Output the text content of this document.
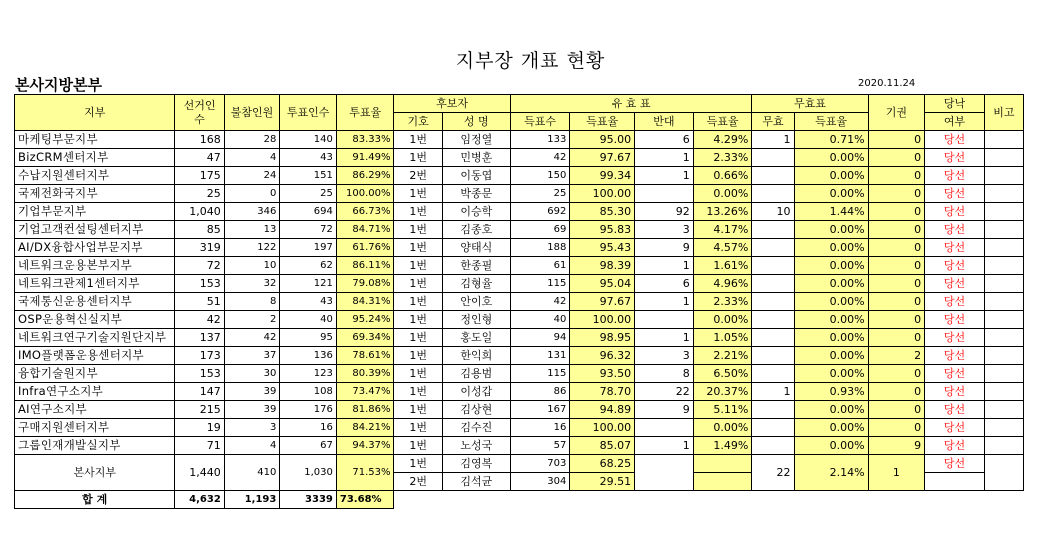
지부장 개표 현황
본사지방본부	2020.11.24
지부	선거인수	불참인원	투표인수	투표율	후보자		유 효 표				무효표		기권	당낙	비고
					기호	성 명	득표수	득표율	반대	득표율	무효	득표율		여부	
마케팅부문지부	168	28	140	83.33%	1번	임정열	133	95.00	6	4.29%	1	0.71%	0	당선	
BizCRM센터지부	47	4	43	91.49%	1번	민병훈	42	97.67	1	2.33%		0.00%	0	당선	
수납지원센터지부	175	24	151	86.29%	2번	이동엽	150	99.34	1	0.66%		0.00%	0	당선	
국제전화국지부	25	0	25	100.00%	1번	박종문	25	100.00		0.00%		0.00%	0	당선	
기업부문지부	1,040	346	694	66.73%	1번	이승학	692	85.30	92	13.26%	10	1.44%	0	당선	
기업고객컨설팅센터지부	85	13	72	84.71%	1번	김종호	69	95.83	3	4.17%		0.00%	0	당선	
AI/DX융합사업부문지부	319	122	197	61.76%	1번	양태식	188	95.43	9	4.57%		0.00%	0	당선	
네트워크운용본부지부	72	10	62	86.11%	1번	한종필	61	98.39	1	1.61%		0.00%	0	당선	
네트워크관제1센터지부	153	32	121	79.08%	1번	김형율	115	95.04	6	4.96%		0.00%	0	당선	
국제통신운용센터지부	51	8	43	84.31%	1번	안이호	42	97.67	1	2.33%		0.00%	0	당선	
OSP운용혁신실지부	42	2	40	95.24%	1번	정인형	40	100.00		0.00%		0.00%	0	당선	
네트워크연구기술지원단지부	137	42	95	69.34%	1번	홍도일	94	98.95	1	1.05%		0.00%	0	당선	
IMO플랫폼운용센터지부	173	37	136	78.61%	1번	한익희	131	96.32	3	2.21%		0.00%	2	당선	
융합기술원지부	153	30	123	80.39%	1번	김용범	115	93.50	8	6.50%		0.00%	0	당선	
Infra연구소지부	147	39	108	73.47%	1번	이성갑	86	78.70	22	20.37%	1	0.93%	0	당선	
AI연구소지부	215	39	176	81.86%	1번	김상현	167	94.89	9	5.11%		0.00%	0	당선	
구매지원센터지부	19	3	16	84.21%	1번	김수진	16	100.00		0.00%		0.00%	0	당선	
그룹인재개발실지부	71	4	67	94.37%	1번	노성국	57	85.07	1	1.49%		0.00%	9	당선	
본사지부	1,440	410	1,030	71.53%	1번	김영복	703	68.25			22	2.14%	1	당선	
					2번	김석균	304	29.51							
합 계	4,632	1,193	3339	73.68%											
